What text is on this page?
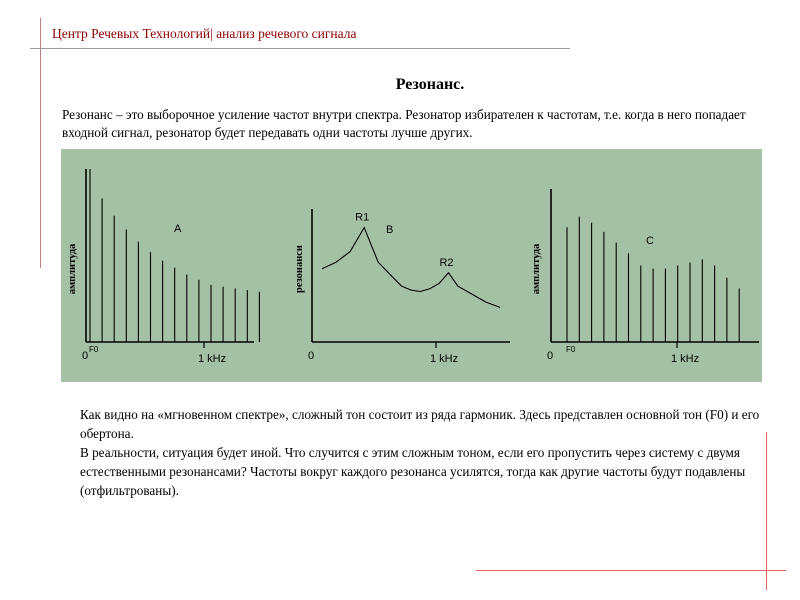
Центр Речевых Технологий| анализ речевого сигнала
Резонанс.
Резонанс – это выборочное усиление частот внутри спектра. Резонатор избирателен к частотам, т.е. когда в него попадает входной сигнал, резонатор будет передавать одни частоты лучше других.
0	1 kHz
A
амплитуда
F0
0	1 kHz
B
резонанси
R1
R2
0	1 kHz
C
амплитуда
F0

Как видно на «мгновенном спектре», сложный тон состоит из ряда гармоник. Здесь представлен основной тон (F0) и его обертона.

В реальности, ситуация будет иной. Что случится с этим сложным тоном, если его пропустить через систему с двумя естественными резонансами? Частоты вокруг каждого резонанса усилятся, тогда как другие частоты будут подавлены (отфильтрованы).
